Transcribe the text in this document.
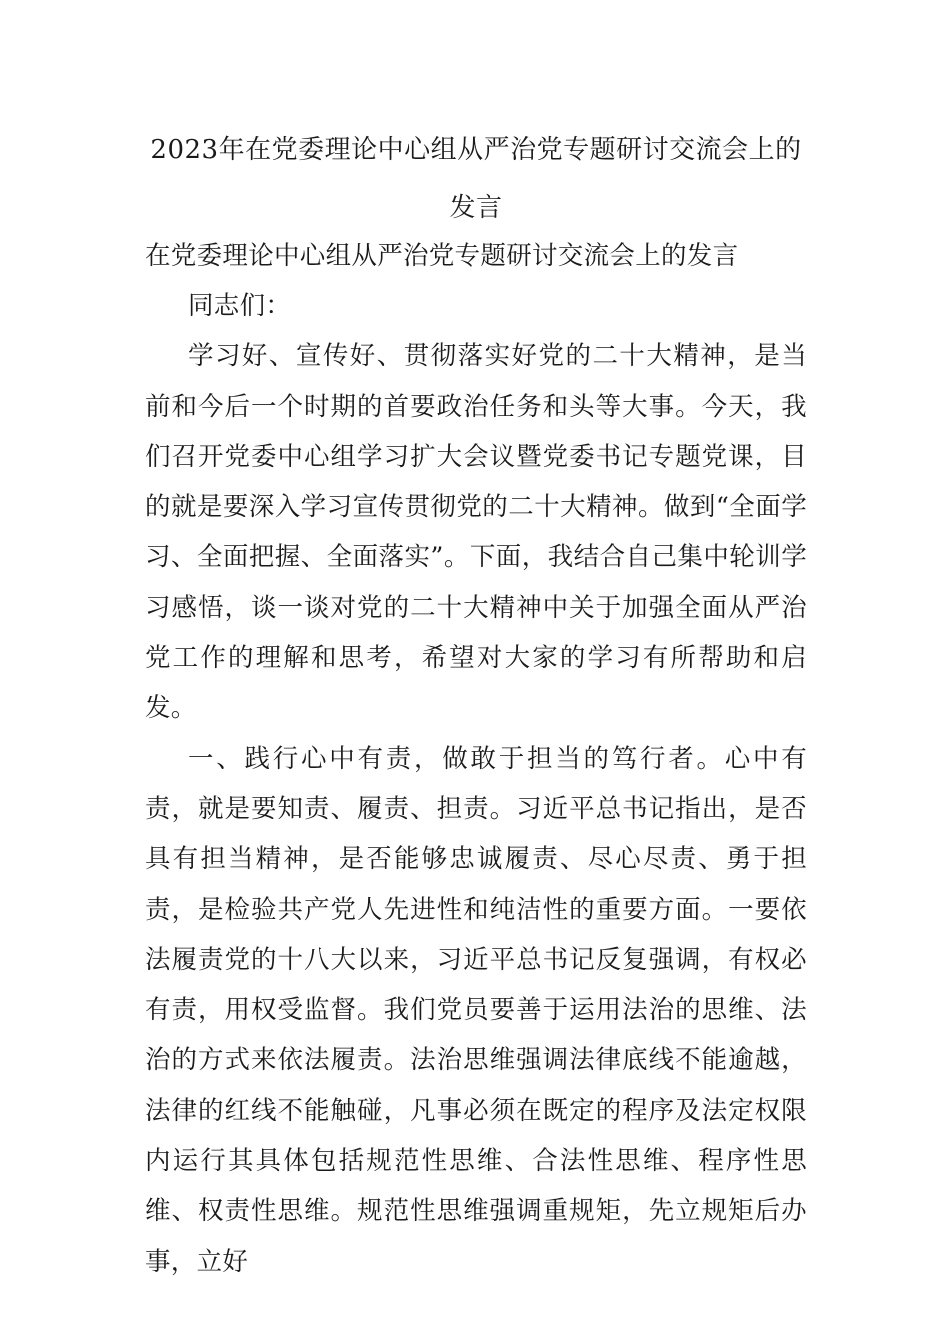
2023年在党委理论中心组从严治党专题研讨交流会上的发言

在党委理论中心组从严治党专题研讨交流会上的发言

同志们：

学习好、宣传好、贯彻落实好党的二十大精神，是当前和今后一个时期的首要政治任务和头等大事。今天，我们召开党委中心组学习扩大会议暨党委书记专题党课，目的就是要深入学习宣传贯彻党的二十大精神。做到“全面学习、全面把握、全面落实”。下面，我结合自己集中轮训学习感悟，谈一谈对党的二十大精神中关于加强全面从严治党工作的理解和思考，希望对大家的学习有所帮助和启发。

一、践行心中有责，做敢于担当的笃行者。心中有责，就是要知责、履责、担责。习近平总书记指出，是否具有担当精神，是否能够忠诚履责、尽心尽责、勇于担责，是检验共产党人先进性和纯洁性的重要方面。一要依法履责党的十八大以来，习近平总书记反复强调，有权必有责，用权受监督。我们党员要善于运用法治的思维、法治的方式来依法履责。法治思维强调法律底线不能逾越，法律的红线不能触碰，凡事必须在既定的程序及法定权限内运行其具体包括规范性思维、合法性思维、程序性思维、权责性思维。规范性思维强调重规矩，先立规矩后办事，立好
